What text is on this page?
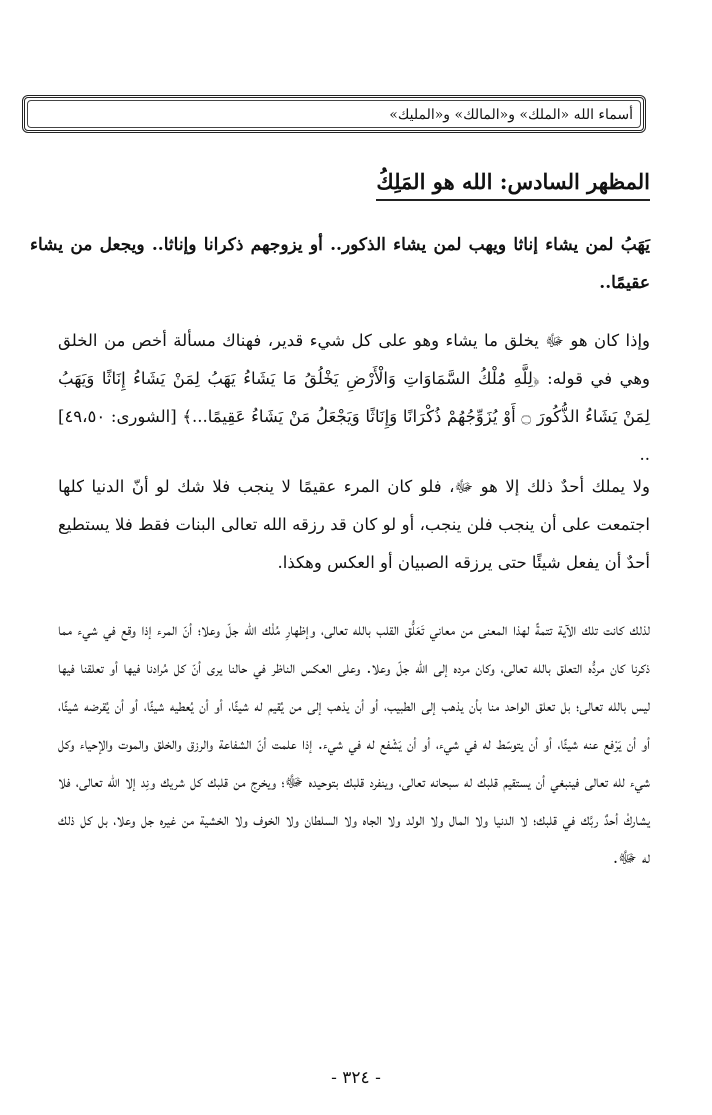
أسماء الله «الملك» و«المالك» و«المليك»
المظهر السادس: الله هو المَلِكُ

يَهَبُ لمن يشاء إناثا ويهب لمن يشاء الذكور.. أو يزوجهم ذكرانا وإناثا.. ويجعل من يشاء عقيمًا..

وإذا كان هو ﷻ يخلق ما يشاء وهو على كل شيء قدير، فهناك مسألة أخص من الخلق وهي في قوله: ﴿لِلَّهِ مُلْكُ السَّمَاوَاتِ وَالْأَرْضِ يَخْلُقُ مَا يَشَاءُ يَهَبُ لِمَنْ يَشَاءُ إِنَاثًا وَيَهَبُ لِمَنْ يَشَاءُ الذُّكُورَ ۝ أَوْ يُزَوِّجُهُمْ ذُكْرَانًا وَإِنَاثًا وَيَجْعَلُ مَنْ يَشَاءُ عَقِيمًا...﴾ [الشورى: ٤٩،٥٠] ..

ولا يملك أحدٌ ذلك إلا هو ﷻ، فلو كان المرء عقيمًا لا ينجب فلا شك لو أنّ الدنيا كلها اجتمعت على أن ينجب فلن ينجب، أو لو كان قد رزقه الله تعالى البنات فقط فلا يستطيع أحدٌ أن يفعل شيئًا حتى يرزقه الصبيان أو العكس وهكذا.

لذلك كانت تلك الآية تتمةً لهذا المعنى من معاني تَعَلُّق القلب بالله تعالى، وإظهارِ مُلْك الله جلّ وعلا؛ أنّ المرء إذا وقع في شيء مما ذكرنا كان مردُّه التعلق بالله تعالى، وكان مرده إلى الله جلّ وعلا. وعلى العكس الناظر في حالنا يرى أنّ كل مُرادنا فيها أو تعلقنا فيها ليس بالله تعالى؛ بل تعلق الواحد منا بأن يذهب إلى الطبيب، أو أن يذهب إلى من يُقيم له شيئًا، أو أن يُعطيه شيئًا، أو أن يُقرضه شيئًا، أو أن يَرْفع عنه شيئًا، أو أن يتوسّط له في شيء، أو أن يَشْفع له في شيء. إذا علمت أنّ الشفاعة والرزق والخلق والموت والإحياء وكل شيء لله تعالى فينبغي أن يستقيم قلبك له سبحانه تعالى، وينفرد قلبك بتوحيده ﷻ؛ ويخرج من قلبك كل شريك ونِد إلا الله تعالى، فلا يشاركْ أحدٌ ربَّك في قلبك؛ لا الدنيا ولا المال ولا الولد ولا الجاه ولا السلطان ولا الخوف ولا الخشية من غيره جل وعلا، بل كل ذلك له ﷻ.

- ٣٢٤ -
